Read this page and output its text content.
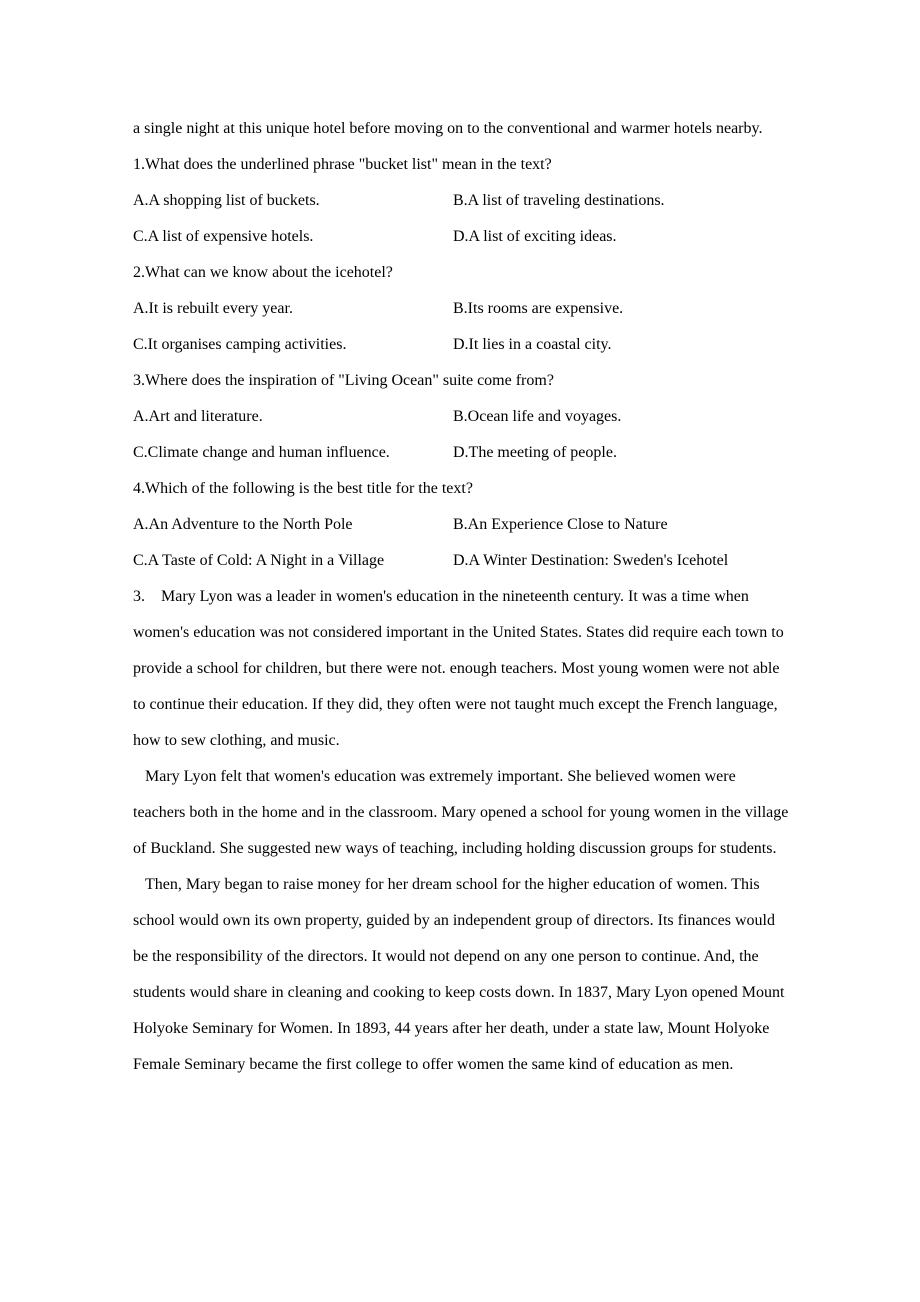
a single night at this unique hotel before moving on to the conventional and warmer hotels nearby.

1.What does the underlined phrase "bucket list" mean in the text?

A.A shopping list of buckets.	B.A list of traveling destinations.
C.A list of expensive hotels.	D.A list of exciting ideas.

2.What can we know about the icehotel?

A.It is rebuilt every year.	B.Its rooms are expensive.
C.It organises camping activities.	D.It lies in a coastal city.

3.Where does the inspiration of "Living Ocean" suite come from?

A.Art and literature.	B.Ocean life and voyages.
C.Climate change and human influence.	D.The meeting of people.

4.Which of the following is the best title for the text?

A.An Adventure to the North Pole	B.An Experience Close to Nature
C.A Taste of Cold: A Night in a Village	D.A Winter Destination: Sweden's Icehotel

3.    Mary Lyon was a leader in women's education in the nineteenth century. It was a time when women's education was not considered important in the United States. States did require each town to provide a school for children, but there were not. enough teachers. Most young women were not able to continue their education. If they did, they often were not taught much except the French language, how to sew clothing, and music.

Mary Lyon felt that women's education was extremely important. She believed women were teachers both in the home and in the classroom. Mary opened a school for young women in the village of Buckland. She suggested new ways of teaching, including holding discussion groups for students.

Then, Mary began to raise money for her dream school for the higher education of women. This school would own its own property, guided by an independent group of directors. Its finances would be the responsibility of the directors. It would not depend on any one person to continue. And, the students would share in cleaning and cooking to keep costs down. In 1837, Mary Lyon opened Mount Holyoke Seminary for Women. In 1893, 44 years after her death, under a state law, Mount Holyoke Female Seminary became the first college to offer women the same kind of education as men.
